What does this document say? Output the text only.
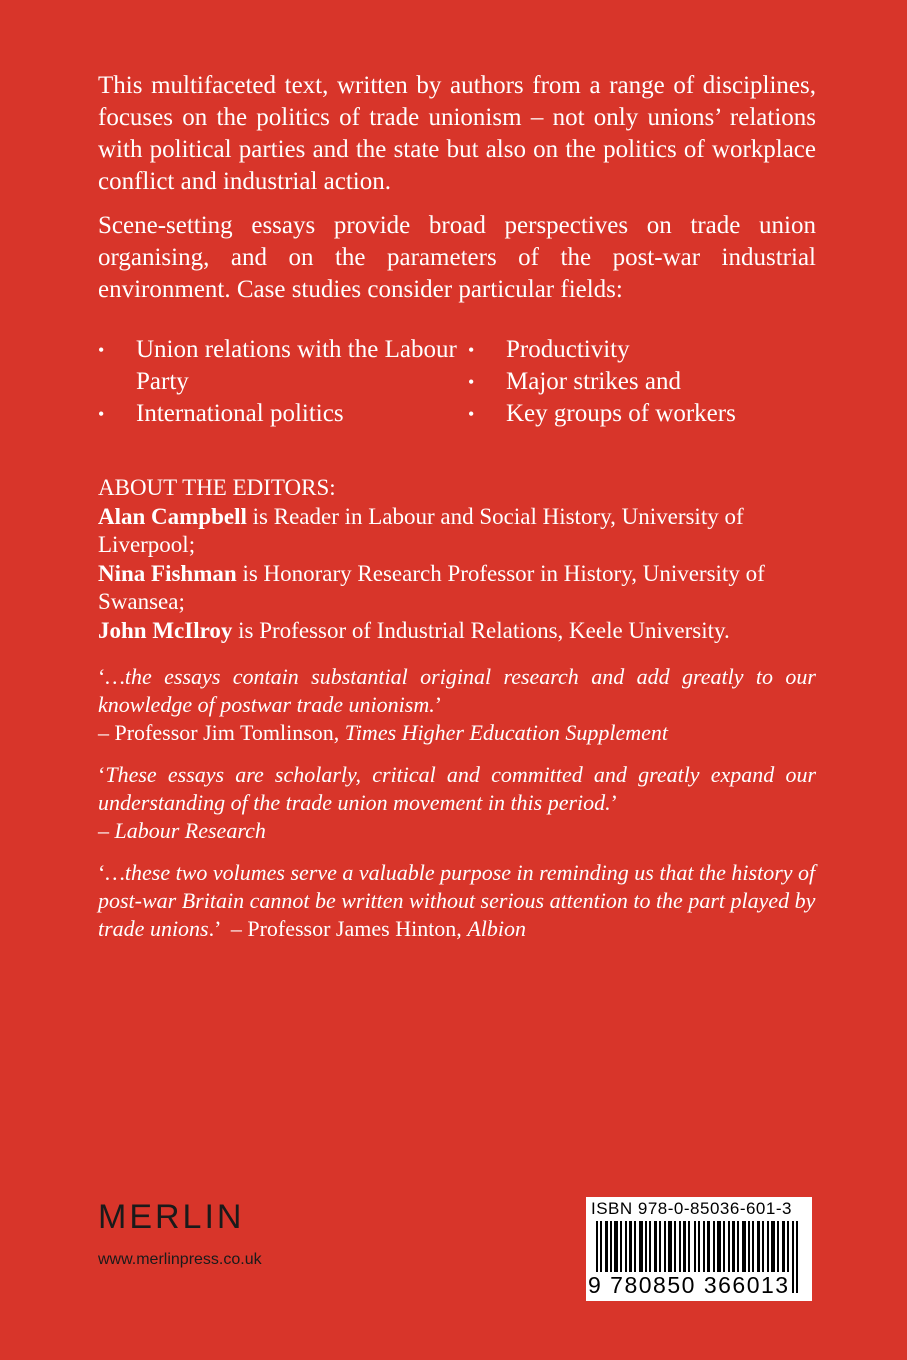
This multifaceted text, written by authors from a range of disciplines, focuses on the politics of trade unionism – not only unions’ relations with political parties and the state but also on the politics of workplace conflict and industrial action.

Scene-setting essays provide broad perspectives on trade union organising, and on the parameters of the post-war industrial environment. Case studies consider particular fields:

•	Union relations with the Labour Party
•	International politics
•	Productivity
•	Major strikes and
•	Key groups of workers

ABOUT THE EDITORS:

Alan Campbell is Reader in Labour and Social History, University of Liverpool;

Nina Fishman is Honorary Research Professor in History, University of Swansea;

John McIlroy is Professor of Industrial Relations, Keele University.

‘…the essays contain substantial original research and add greatly to our knowledge of postwar trade unionism.’
– Professor Jim Tomlinson, Times Higher Education Supplement
‘These essays are scholarly, critical and committed and greatly expand our understanding of the trade union movement in this period.’
– Labour Research
‘…these two volumes serve a valuable purpose in reminding us that the history of post-war Britain cannot be written without serious attention to the part played by trade unions.’  – Professor James Hinton, Albion
MERLIN
www.merlinpress.co.uk
ISBN 978-0-85036-601-3
9 780850 366013
